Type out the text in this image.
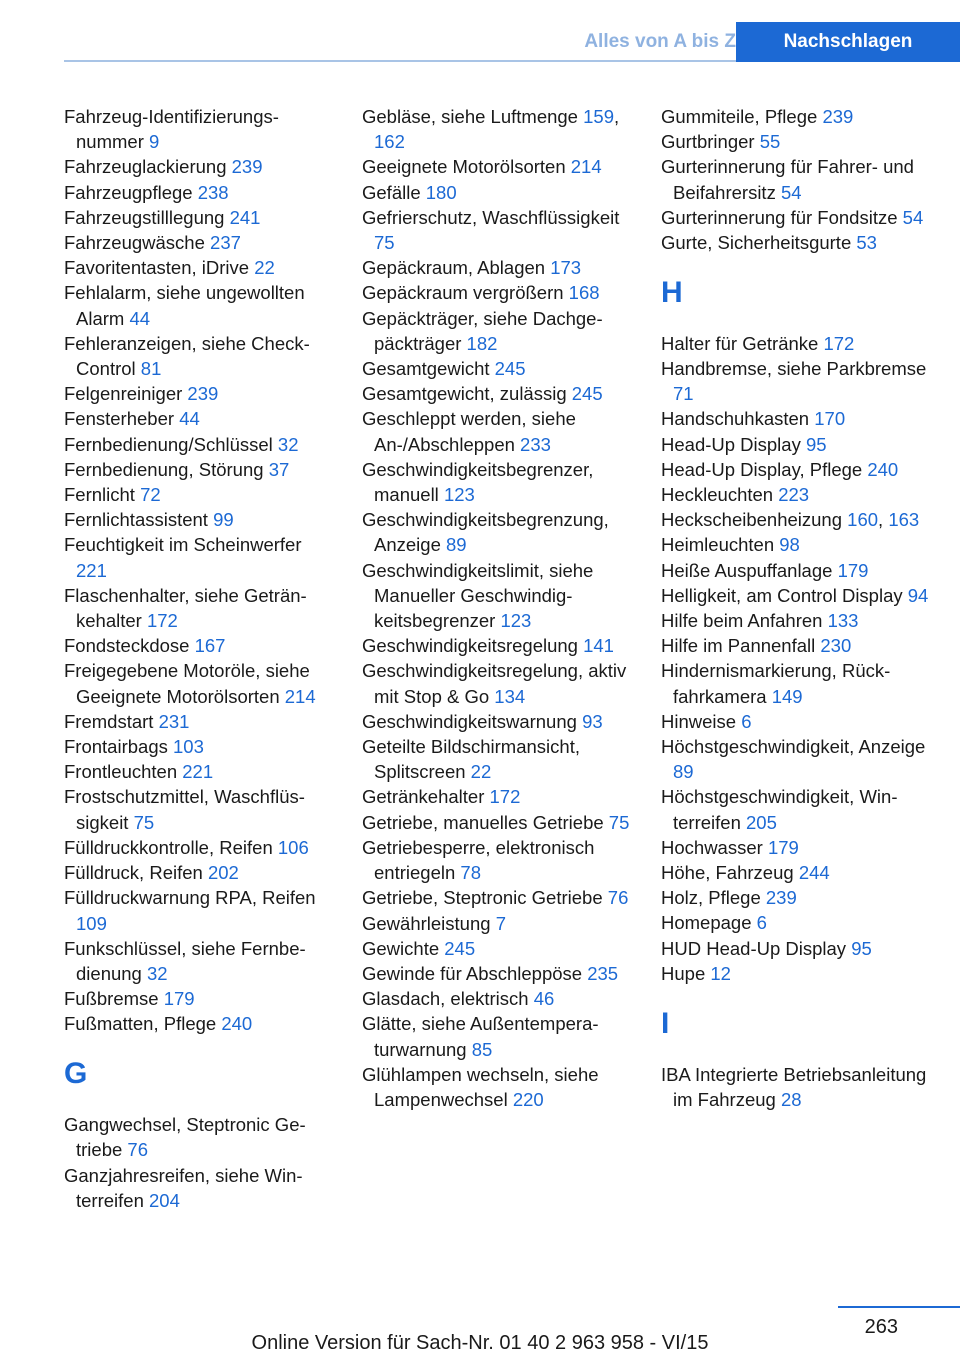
Alles von A bis Z	Nachschlagen
Fahrzeug-Identifizierungsnummer 9
Fahrzeuglackierung 239
Fahrzeugpflege 238
Fahrzeugstilllegung 241
Fahrzeugwäsche 237
Favoritentasten, iDrive 22
Fehlalarm, siehe ungewollten Alarm 44
Fehleranzeigen, siehe Check-Control 81
Felgenreiniger 239
Fensterheber 44
Fernbedienung/Schlüssel 32
Fernbedienung, Störung 37
Fernlicht 72
Fernlichtassistent 99
Feuchtigkeit im Scheinwerfer 221
Flaschenhalter, siehe Getränkehalter 172
Fondsteckdose 167
Freigegebene Motoröle, siehe Geeignete Motorölsorten 214
Fremdstart 231
Frontairbags 103
Frontleuchten 221
Frostschutzmittel, Waschflüssigkeit 75
Fülldruckkontrolle, Reifen 106
Fülldruck, Reifen 202
Fülldruckwarnung RPA, Reifen 109
Funkschlüssel, siehe Fernbedienung 32
Fußbremse 179
Fußmatten, Pflege 240
G
Gangwechsel, Steptronic Getriebe 76
Ganzjahresreifen, siehe Winterreifen 204
Gebläse, siehe Luftmenge 159, 162
Geeignete Motorölsorten 214
Gefälle 180
Gefrierschutz, Waschflüssigkeit 75
Gepäckraum, Ablagen 173
Gepäckraum vergrößern 168
Gepäckträger, siehe Dachgepäckträger 182
Gesamtgewicht 245
Gesamtgewicht, zulässig 245
Geschleppt werden, siehe An-/Abschleppen 233
Geschwindigkeitsbegrenzer, manuell 123
Geschwindigkeitsbegrenzung, Anzeige 89
Geschwindigkeitslimit, siehe Manueller Geschwindigkeitsbegrenzer 123
Geschwindigkeitsregelung 141
Geschwindigkeitsregelung, aktiv mit Stop & Go 134
Geschwindigkeitswarnung 93
Geteilte Bildschirmansicht, Splitscreen 22
Getränkehalter 172
Getriebe, manuelles Getriebe 75
Getriebesperre, elektronisch entriegeln 78
Getriebe, Steptronic Getriebe 76
Gewährleistung 7
Gewichte 245
Gewinde für Abschleppöse 235
Glasdach, elektrisch 46
Glätte, siehe Außentemperaturwarnung 85
Glühlampen wechseln, siehe Lampenwechsel 220
Gummiteile, Pflege 239
Gurtbringer 55
Gurterinnerung für Fahrer- und Beifahrersitz 54
Gurterinnerung für Fondsitze 54
Gurte, Sicherheitsgurte 53
H
Halter für Getränke 172
Handbremse, siehe Parkbremse 71
Handschuhkasten 170
Head-Up Display 95
Head-Up Display, Pflege 240
Heckleuchten 223
Heckscheibenheizung 160, 163
Heimleuchten 98
Heiße Auspuffanlage 179
Helligkeit, am Control Display 94
Hilfe beim Anfahren 133
Hilfe im Pannenfall 230
Hindernismarkierung, Rückfahrkamera 149
Hinweise 6
Höchstgeschwindigkeit, Anzeige 89
Höchstgeschwindigkeit, Winterreifen 205
Hochwasser 179
Höhe, Fahrzeug 244
Holz, Pflege 239
Homepage 6
HUD Head-Up Display 95
Hupe 12
I
IBA Integrierte Betriebsanleitung im Fahrzeug 28
263
Online Version für Sach-Nr. 01 40 2 963 958 - VI/15
